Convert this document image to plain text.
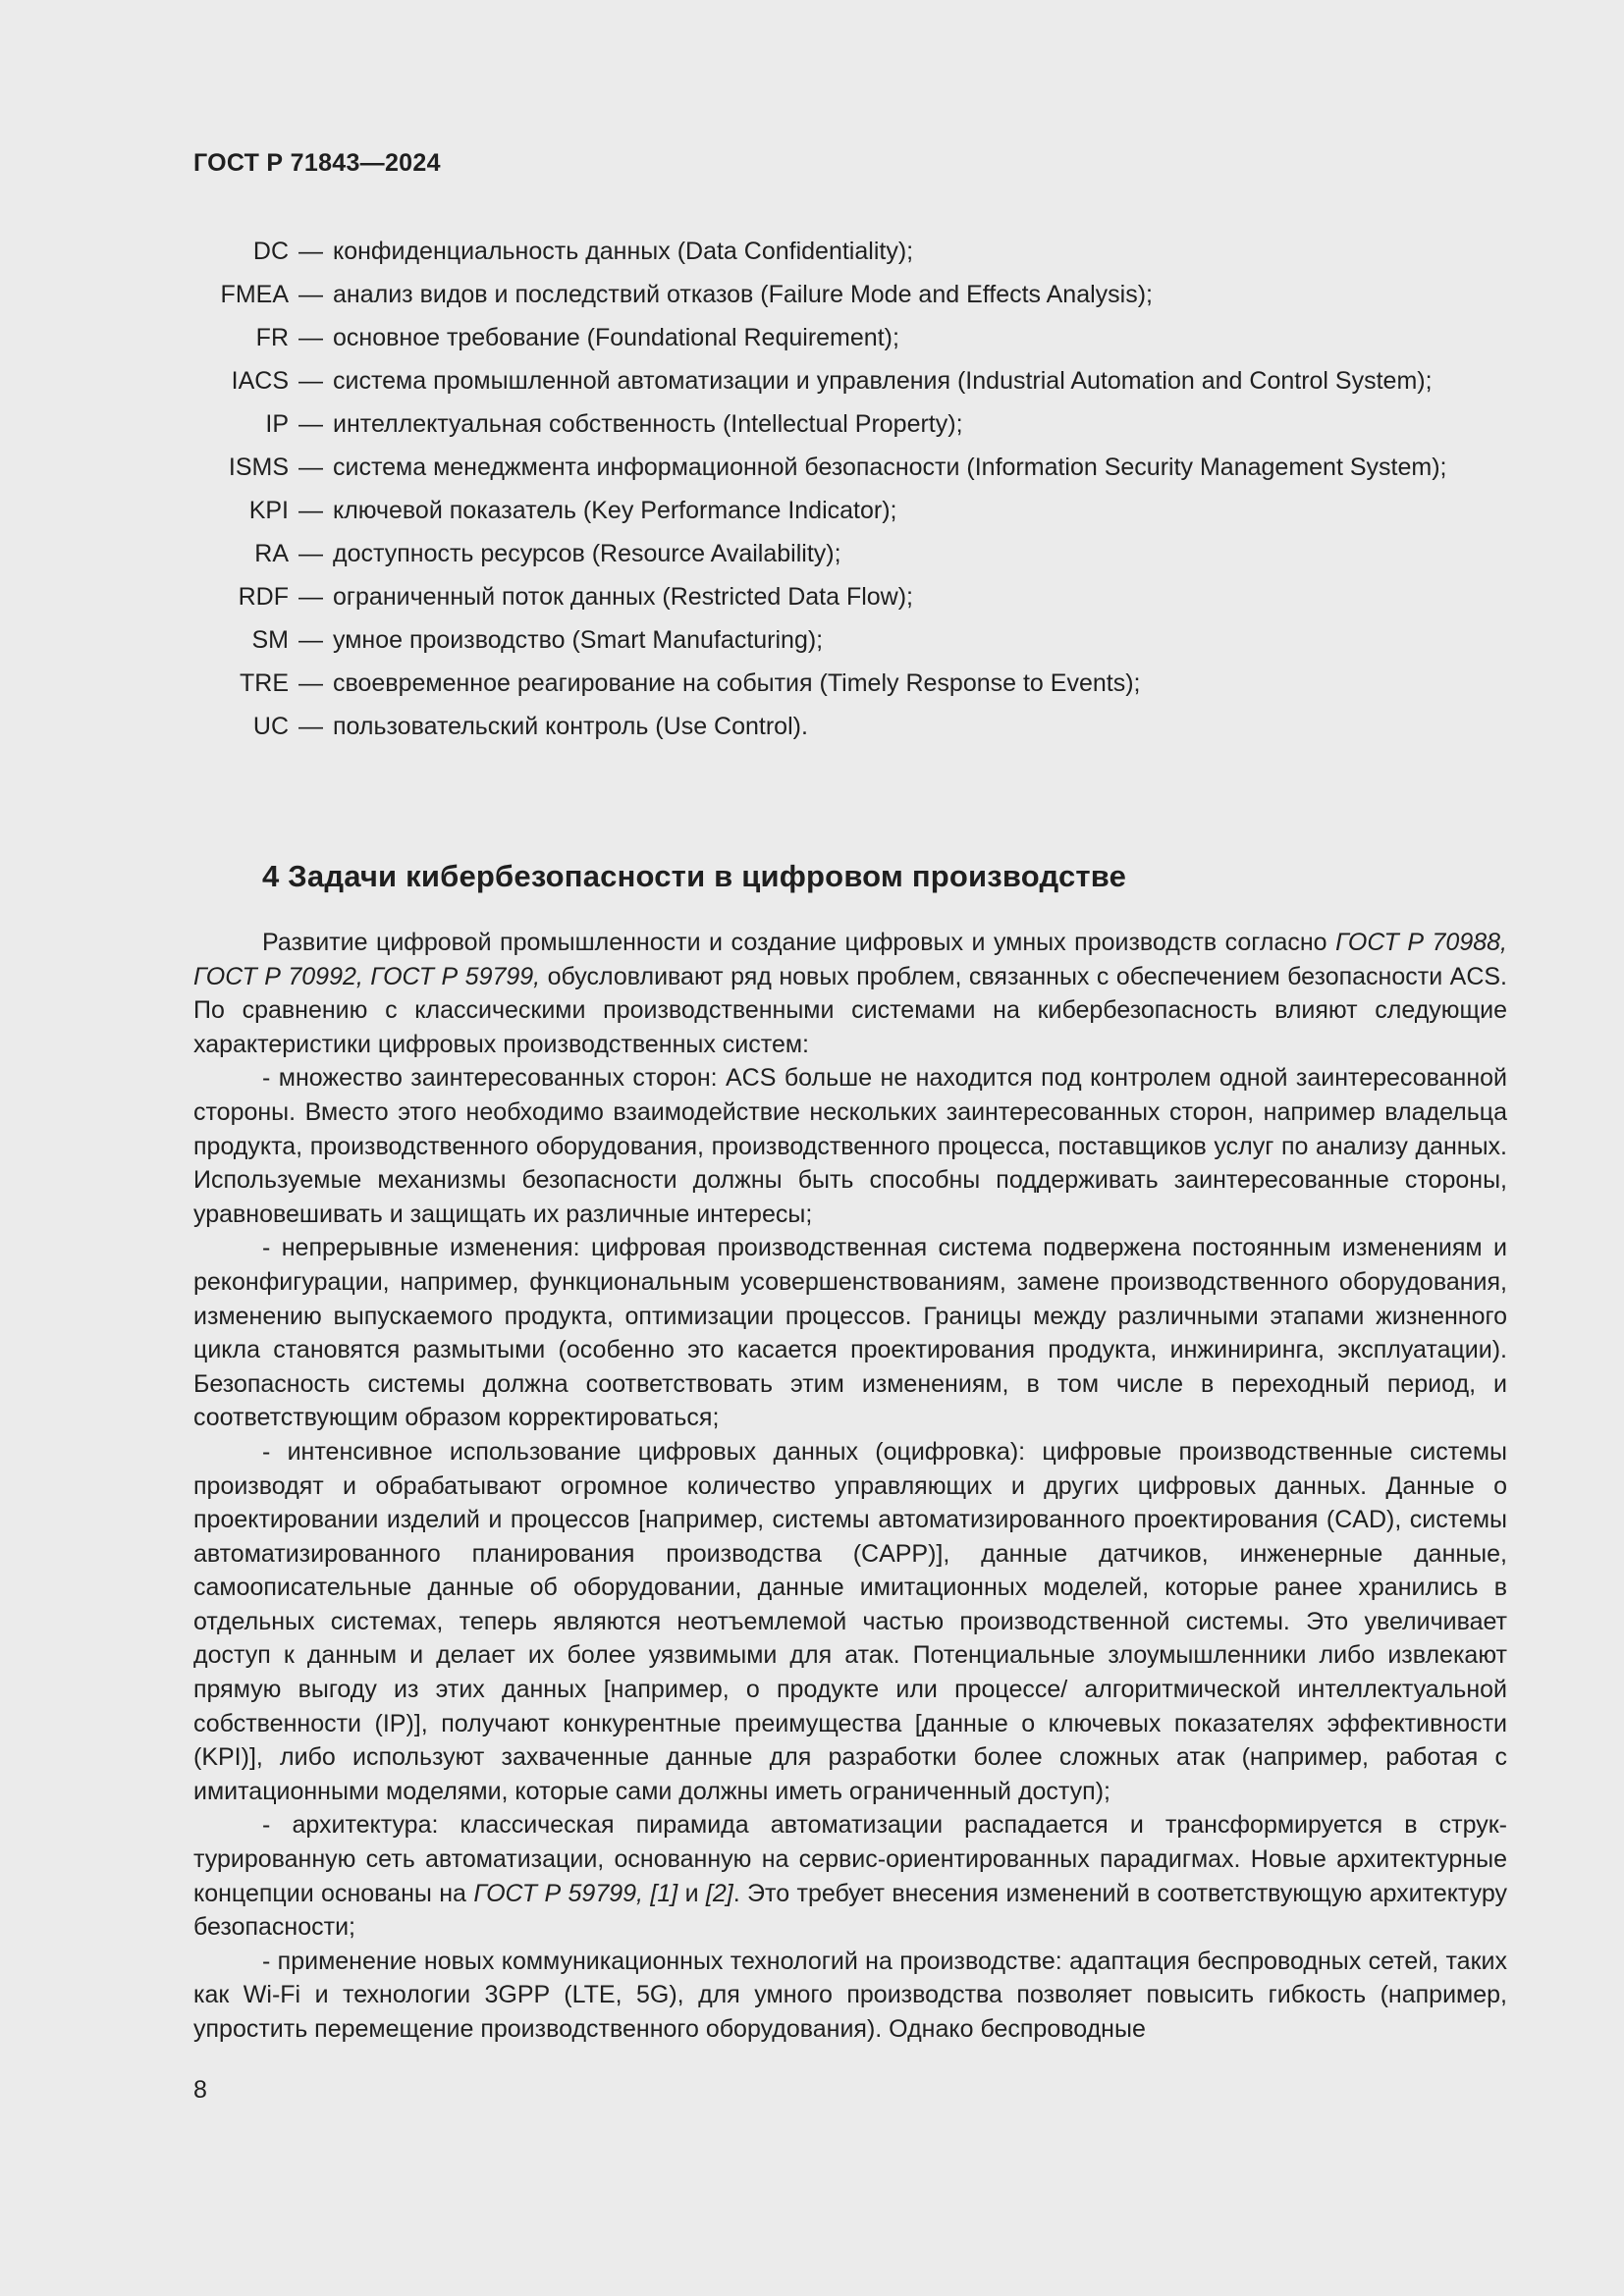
ГОСТ Р 71843—2024
DC — конфиденциальность данных (Data Confidentiality);
FMEA — анализ видов и последствий отказов (Failure Mode and Effects Analysis);
FR — основное требование (Foundational Requirement);
IACS — система промышленной автоматизации и управления (Industrial Automation and Control System);
IP — интеллектуальная собственность (Intellectual Property);
ISMS — система менеджмента информационной безопасности (Information Security Management System);
KPI — ключевой показатель (Key Performance Indicator);
RA — доступность ресурсов (Resource Availability);
RDF — ограниченный поток данных (Restricted Data Flow);
SM — умное производство (Smart Manufacturing);
TRE — своевременное реагирование на события (Timely Response to Events);
UC — пользовательский контроль (Use Control).
4 Задачи кибербезопасности в цифровом производстве

Развитие цифровой промышленности и создание цифровых и умных производств согласно ГОСТ Р 70988, ГОСТ Р 70992, ГОСТ Р 59799, обусловливают ряд новых проблем, связанных с обеспечением безопасности ACS. По сравнению с классическими производственными системами на кибербезопасность влияют следующие характеристики цифровых производственных систем:

- множество заинтересованных сторон: ACS больше не находится под контролем одной заинтересованной стороны. Вместо этого необходимо взаимодействие нескольких заинтересованных сторон, например владельца продукта, производственного оборудования, производственного процесса, поставщиков услуг по анализу данных. Используемые механизмы безопасности должны быть способны поддерживать заинтересованные стороны, уравновешивать и защищать их различные интересы;

- непрерывные изменения: цифровая производственная система подвержена постоянным изменениям и реконфигурации, например, функциональным усовершенствованиям, замене производственного оборудования, изменению выпускаемого продукта, оптимизации процессов. Границы между различными этапами жизненного цикла становятся размытыми (особенно это касается проектирования продукта, инжиниринга, эксплуатации). Безопасность системы должна соответствовать этим изменениям, в том числе в переходный период, и соответствующим образом корректироваться;

- интенсивное использование цифровых данных (оцифровка): цифровые производственные системы производят и обрабатывают огромное количество управляющих и других цифровых данных. Данные о проектировании изделий и процессов [например, системы автоматизированного проектирования (CAD), системы автоматизированного планирования производства (CAPP)], данные датчиков, инженерные данные, самоописательные данные об оборудовании, данные имитационных моделей, которые ранее хранились в отдельных системах, теперь являются неотъемлемой частью производственной системы. Это увеличивает доступ к данным и делает их более уязвимыми для атак. Потенциальные злоумышленники либо извлекают прямую выгоду из этих данных [например, о продукте или процессе/ алгоритмической интеллектуальной собственности (IP)], получают конкурентные преимущества [данные о ключевых показателях эффективности (KPI)], либо используют захваченные данные для разработки более сложных атак (например, работая с имитационными моделями, которые сами должны иметь ограниченный доступ);

- архитектура: классическая пирамида автоматизации распадается и трансформируется в структурированную сеть автоматизации, основанную на сервис-ориентированных парадигмах. Новые архитектурные концепции основаны на ГОСТ Р 59799, [1] и [2]. Это требует внесения изменений в соответствующую архитектуру безопасности;

- применение новых коммуникационных технологий на производстве: адаптация беспроводных сетей, таких как Wi-Fi и технологии 3GPP (LTE, 5G), для умного производства позволяет повысить гибкость (например, упростить перемещение производственного оборудования). Однако беспроводные

8
